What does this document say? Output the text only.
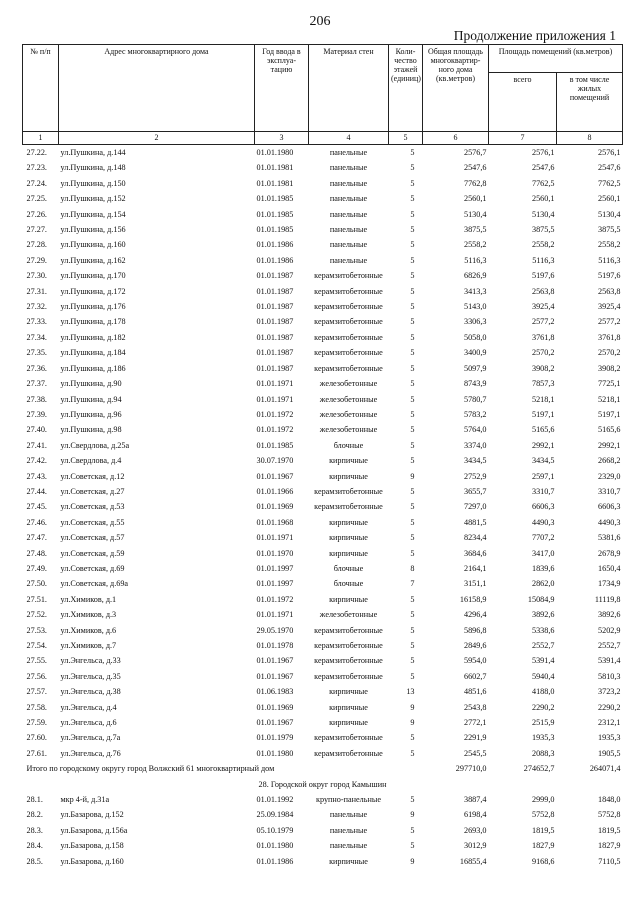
206
Продолжение приложения 1
№ п/п	Адрес многоквартирного дома	Год ввода в эксплуа-тацию	Материал стен	Коли-чество этажей (единиц)	Общая площадь многоквартир-ного дома (кв.метров)	Площадь помещений (кв.метров)	
						всего	в том числе жилых помещений
1	2	3	4	5	6	7	8
27.22.	ул.Пушкина, д.144	01.01.1980	панельные	5	2576,7	2576,1	2576,1
27.23.	ул.Пушкина, д.148	01.01.1981	панельные	5	2547,6	2547,6	2547,6
27.24.	ул.Пушкина, д.150	01.01.1981	панельные	5	7762,8	7762,5	7762,5
27.25.	ул.Пушкина, д.152	01.01.1985	панельные	5	2560,1	2560,1	2560,1
27.26.	ул.Пушкина, д.154	01.01.1985	панельные	5	5130,4	5130,4	5130,4
27.27.	ул.Пушкина, д.156	01.01.1985	панельные	5	3875,5	3875,5	3875,5
27.28.	ул.Пушкина, д.160	01.01.1986	панельные	5	2558,2	2558,2	2558,2
27.29.	ул.Пушкина, д.162	01.01.1986	панельные	5	5116,3	5116,3	5116,3
27.30.	ул.Пушкина, д.170	01.01.1987	керамзитобетонные	5	6826,9	5197,6	5197,6
27.31.	ул.Пушкина, д.172	01.01.1987	керамзитобетонные	5	3413,3	2563,8	2563,8
27.32.	ул.Пушкина, д.176	01.01.1987	керамзитобетонные	5	5143,0	3925,4	3925,4
27.33.	ул.Пушкина, д.178	01.01.1987	керамзитобетонные	5	3306,3	2577,2	2577,2
27.34.	ул.Пушкина, д.182	01.01.1987	керамзитобетонные	5	5058,0	3761,8	3761,8
27.35.	ул.Пушкина, д.184	01.01.1987	керамзитобетонные	5	3400,9	2570,2	2570,2
27.36.	ул.Пушкина, д.186	01.01.1987	керамзитобетонные	5	5097,9	3908,2	3908,2
27.37.	ул.Пушкина, д.90	01.01.1971	железобетонные	5	8743,9	7857,3	7725,1
27.38.	ул.Пушкина, д.94	01.01.1971	железобетонные	5	5780,7	5218,1	5218,1
27.39.	ул.Пушкина, д.96	01.01.1972	железобетонные	5	5783,2	5197,1	5197,1
27.40.	ул.Пушкина, д.98	01.01.1972	железобетонные	5	5764,0	5165,6	5165,6
27.41.	ул.Свердлова, д.25а	01.01.1985	блочные	5	3374,0	2992,1	2992,1
27.42.	ул.Свердлова, д.4	30.07.1970	кирпичные	5	3434,5	3434,5	2668,2
27.43.	ул.Советская, д.12	01.01.1967	кирпичные	9	2752,9	2597,1	2329,0
27.44.	ул.Советская, д.27	01.01.1966	керамзитобетонные	5	3655,7	3310,7	3310,7
27.45.	ул.Советская, д.53	01.01.1969	керамзитобетонные	5	7297,0	6606,3	6606,3
27.46.	ул.Советская, д.55	01.01.1968	кирпичные	5	4881,5	4490,3	4490,3
27.47.	ул.Советская, д.57	01.01.1971	кирпичные	5	8234,4	7707,2	5381,6
27.48.	ул.Советская, д.59	01.01.1970	кирпичные	5	3684,6	3417,0	2678,9
27.49.	ул.Советская, д.69	01.01.1997	блочные	8	2164,1	1839,6	1650,4
27.50.	ул.Советская, д.69а	01.01.1997	блочные	7	3151,1	2862,0	1734,9
27.51.	ул.Химиков, д.1	01.01.1972	кирпичные	5	16158,9	15084,9	11119,8
27.52.	ул.Химиков, д.3	01.01.1971	железобетонные	5	4296,4	3892,6	3892,6
27.53.	ул.Химиков, д.6	29.05.1970	керамзитобетонные	5	5896,8	5338,6	5202,9
27.54.	ул.Химиков, д.7	01.01.1978	керамзитобетонные	5	2849,6	2552,7	2552,7
27.55.	ул.Энгельса, д.33	01.01.1967	керамзитобетонные	5	5954,0	5391,4	5391,4
27.56.	ул.Энгельса, д.35	01.01.1967	керамзитобетонные	5	6602,7	5940,4	5810,3
27.57.	ул.Энгельса, д.38	01.06.1983	кирпичные	13	4851,6	4188,0	3723,2
27.58.	ул.Энгельса, д.4	01.01.1969	кирпичные	9	2543,8	2290,2	2290,2
27.59.	ул.Энгельса, д.6	01.01.1967	кирпичные	9	2772,1	2515,9	2312,1
27.60.	ул.Энгельса, д.7а	01.01.1979	керамзитобетонные	5	2291,9	1935,3	1935,3
27.61.	ул.Энгельса, д.76	01.01.1980	керамзитобетонные	5	2545,5	2088,3	1905,5
Итого по городскому округу город Волжский 61 многоквартирный дом					297710,0	274652,7	264071,4
28. Городской округ город Камышин							
28.1.	мкр 4-й, д.31а	01.01.1992	крупно-панельные	5	3887,4	2999,0	1848,0
28.2.	ул.Базарова, д.152	25.09.1984	панельные	9	6198,4	5752,8	5752,8
28.3.	ул.Базарова, д.156а	05.10.1979	панельные	5	2693,0	1819,5	1819,5
28.4.	ул.Базарова, д.158	01.01.1980	панельные	5	3012,9	1827,9	1827,9
28.5.	ул.Базарова, д.160	01.01.1986	кирпичные	9	16855,4	9168,6	7110,5
